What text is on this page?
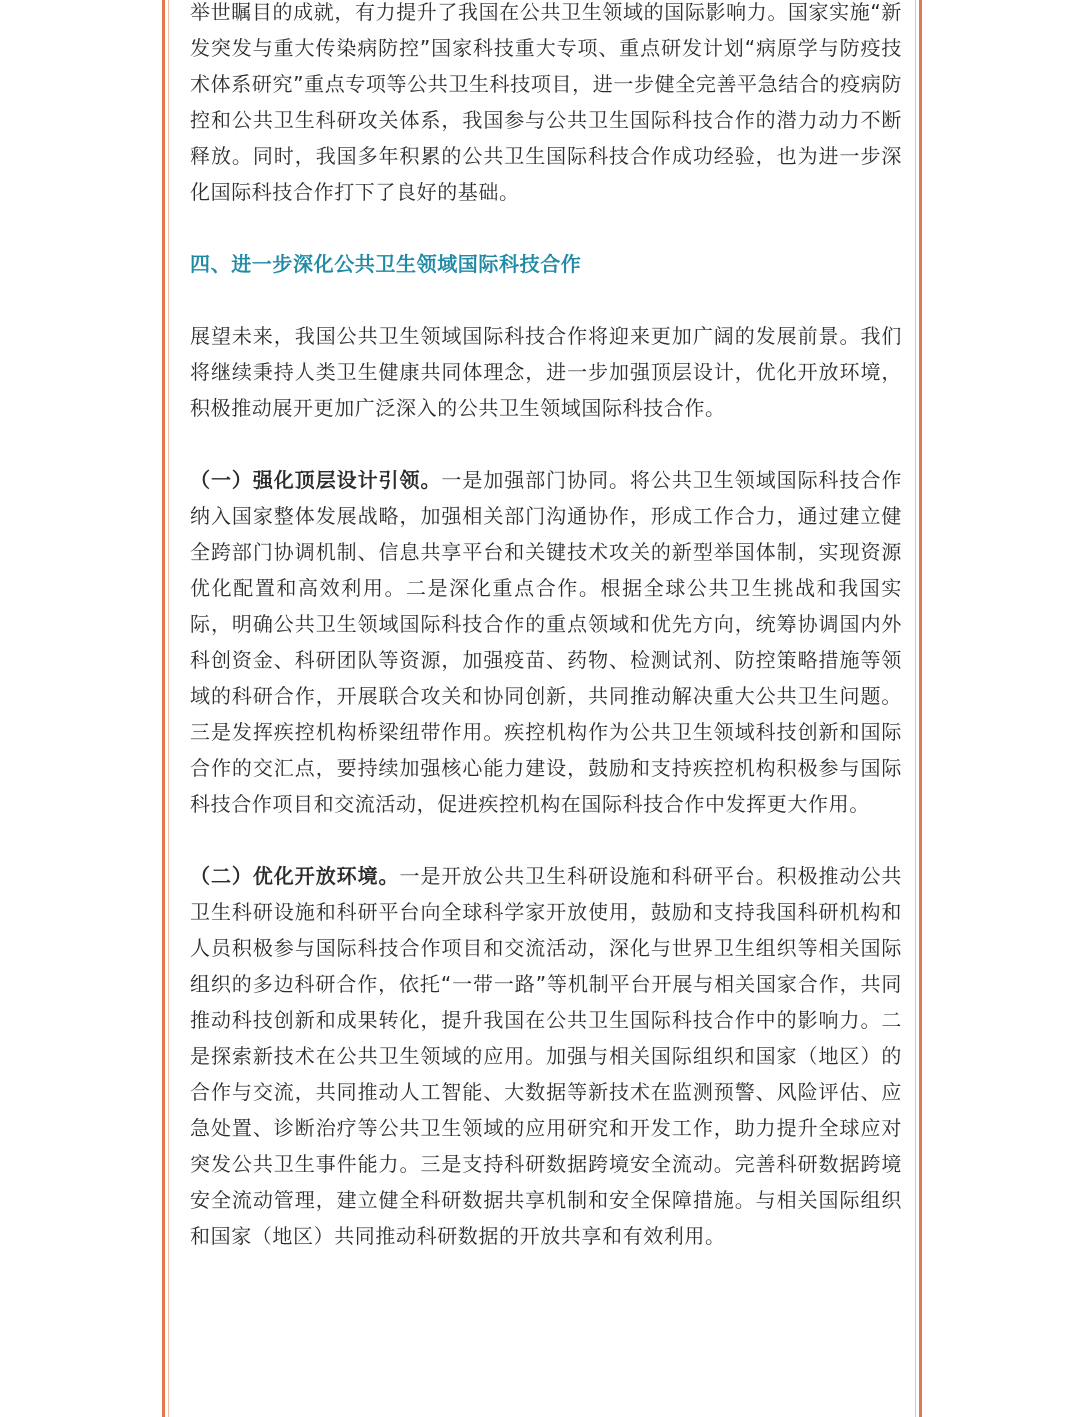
举世瞩目的成就，有力提升了我国在公共卫生领域的国际影响力。国家实施“新发突发与重大传染病防控”国家科技重大专项、重点研发计划“病原学与防疫技术体系研究”重点专项等公共卫生科技项目，进一步健全完善平急结合的疫病防控和公共卫生科研攻关体系，我国参与公共卫生国际科技合作的潜力动力不断释放。同时，我国多年积累的公共卫生国际科技合作成功经验，也为进一步深化国际科技合作打下了良好的基础。

四、进一步深化公共卫生领域国际科技合作

展望未来，我国公共卫生领域国际科技合作将迎来更加广阔的发展前景。我们将继续秉持人类卫生健康共同体理念，进一步加强顶层设计，优化开放环境，积极推动展开更加广泛深入的公共卫生领域国际科技合作。

（一）强化顶层设计引领。一是加强部门协同。将公共卫生领域国际科技合作纳入国家整体发展战略，加强相关部门沟通协作，形成工作合力，通过建立健全跨部门协调机制、信息共享平台和关键技术攻关的新型举国体制，实现资源优化配置和高效利用。二是深化重点合作。根据全球公共卫生挑战和我国实际，明确公共卫生领域国际科技合作的重点领域和优先方向，统筹协调国内外科创资金、科研团队等资源，加强疫苗、药物、检测试剂、防控策略措施等领域的科研合作，开展联合攻关和协同创新，共同推动解决重大公共卫生问题。三是发挥疾控机构桥梁纽带作用。疾控机构作为公共卫生领域科技创新和国际合作的交汇点，要持续加强核心能力建设，鼓励和支持疾控机构积极参与国际科技合作项目和交流活动，促进疾控机构在国际科技合作中发挥更大作用。

（二）优化开放环境。一是开放公共卫生科研设施和科研平台。积极推动公共卫生科研设施和科研平台向全球科学家开放使用，鼓励和支持我国科研机构和人员积极参与国际科技合作项目和交流活动，深化与世界卫生组织等相关国际组织的多边科研合作，依托“一带一路”等机制平台开展与相关国家合作，共同推动科技创新和成果转化，提升我国在公共卫生国际科技合作中的影响力。二是探索新技术在公共卫生领域的应用。加强与相关国际组织和国家（地区）的合作与交流，共同推动人工智能、大数据等新技术在监测预警、风险评估、应急处置、诊断治疗等公共卫生领域的应用研究和开发工作，助力提升全球应对突发公共卫生事件能力。三是支持科研数据跨境安全流动。完善科研数据跨境安全流动管理，建立健全科研数据共享机制和安全保障措施。与相关国际组织和国家（地区）共同推动科研数据的开放共享和有效利用。
